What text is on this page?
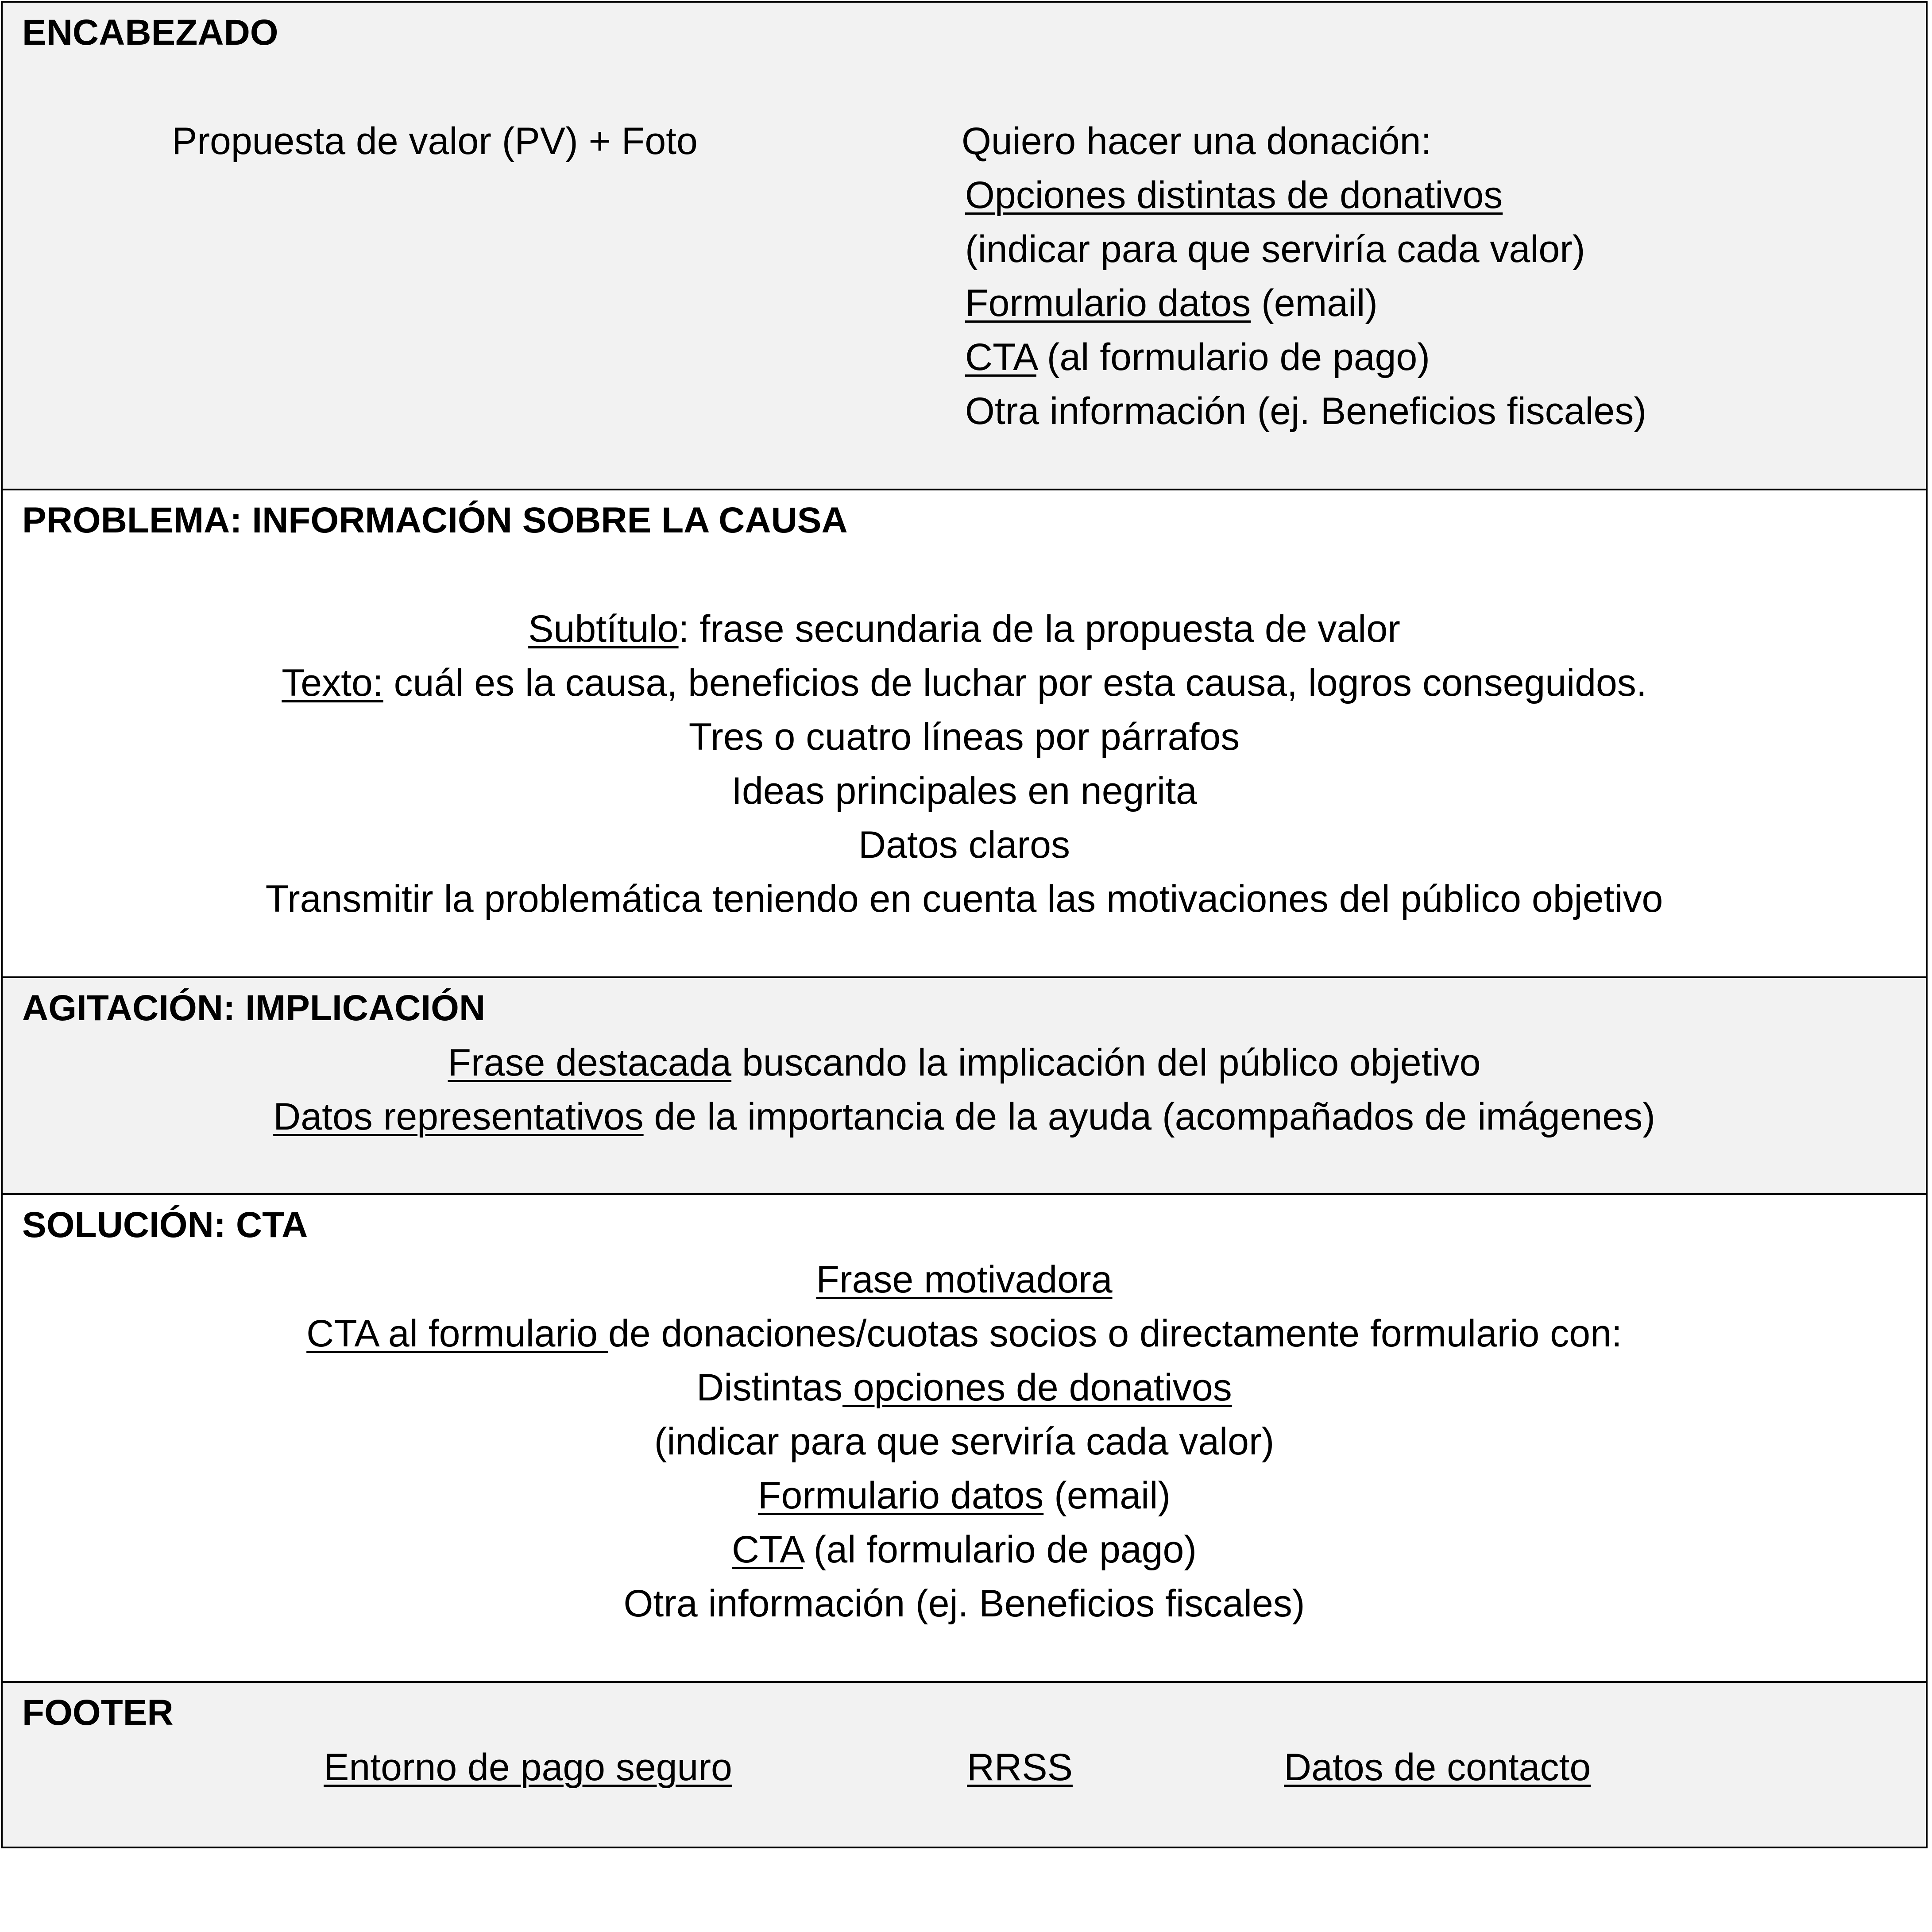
ENCABEZADO
Propuesta de valor (PV) + Foto	Quiero hacer una donación:
Opciones distintas de donativos
(indicar para que serviría cada valor)
Formulario datos (email)
CTA (al formulario de pago)
Otra información (ej. Beneficios fiscales)
PROBLEMA: INFORMACIÓN SOBRE LA CAUSA
Subtítulo: frase secundaria de la propuesta de valor
Texto: cuál es la causa, beneficios de luchar por esta causa, logros conseguidos.
Tres o cuatro líneas por párrafos
Ideas principales en negrita
Datos claros
Transmitir la problemática teniendo en cuenta las motivaciones del público objetivo
AGITACIÓN: IMPLICACIÓN
Frase destacada buscando la implicación del público objetivo
Datos representativos de la importancia de la ayuda (acompañados de imágenes)
SOLUCIÓN: CTA
Frase motivadora
CTA al formulario de donaciones/cuotas socios o directamente formulario con:
Distintas opciones de donativos
(indicar para que serviría cada valor)
Formulario datos (email)
CTA (al formulario de pago)
Otra información (ej. Beneficios fiscales)
FOOTER
Entorno de pago seguro	RRSS	Datos de contacto
